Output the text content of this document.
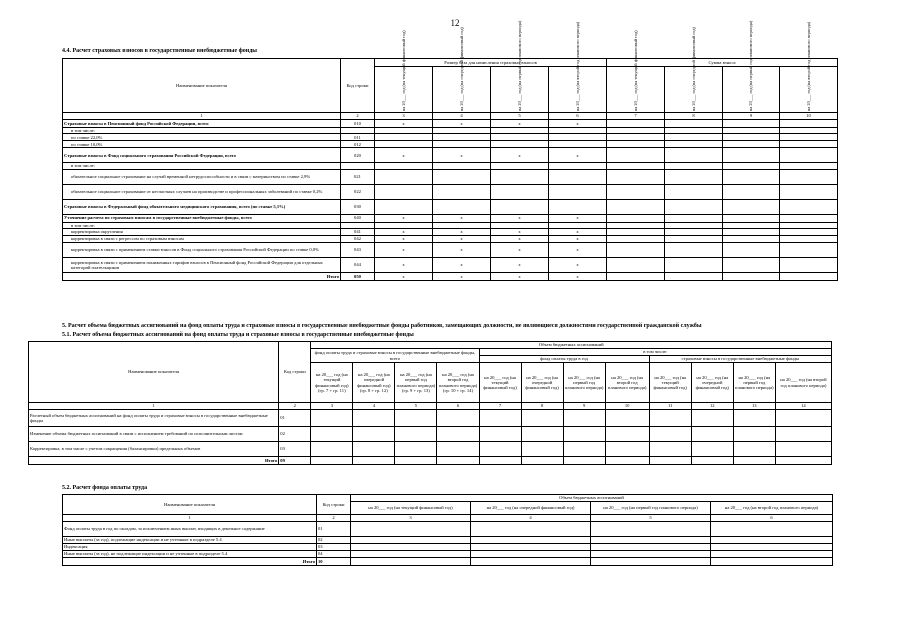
12
4.4. Расчет страховых взносов в государственные внебюджетные фонды
Наименование показателя	Код строки	Размер база для начисления страховых взносов				Сумма взноса			

		на 20___ год (на текущий финансовый год)	на 20___ год (на очередной финансовый год)	на 20___ год (на первый год планового периода)	на 20___ год (на второй год планового периода)	на 20___ год (на текущий финансовый год)	на 20___ год (на очередной финансовый год)	на 20___ год (на первый год планового периода)	на 20___ год (на второй год планового периода)

1	2	3	4	5	6	7	8	9	10
Страховые взносы в Пенсионный фонд Российской Федерации, всего	010	x	x	x	x				
в том числе:									
по ставке 22,0%	011								
по ставке 10,0%	012								
Страховые взносы в Фонд социального страхования Российской Федерации, всего	020	x	x	x	x				
в том числе:									
обязательное социальное страхование на случай временной нетрудоспособности и в связи с материнством по ставке 2,9%	021								
обязательное социальное страхование от несчастных случаев на производстве и профессиональных заболеваний по ставке 0,2%	022								
Страховые взносы в Федеральный фонд обязательного медицинского страхования, всего (по ставке 5,1%)	030								
Уточнение расчета по страховым взносам в государственные внебюджетные фонды, всего	040	x	x	x	x				
в том числе:									
корректировка округления	041	x	x	x	x				
корректировка в связи с регрессом по страховым взносам	042	x	x	x	x				
корректировка в связи с применением ставки взносов в Фонд социального страхования Российской Федерации по ставке 0,0%	043	x	x	x	x				
корректировка в связи с применением пониженных тарифов взносов в Пенсионный фонд Российской Федерации для отдельных категорий плательщиков	044	x	x	x	x				
Итого	050	x	x	x	x				
5. Расчет объема бюджетных ассигнований на фонд оплаты труда и страховые взносы в государственные внебюджетные фонды работников, замещающих должности, не являющиеся должностями государственной гражданской службы
5.1. Расчет объема бюджетных ассигнований на фонд оплаты труда и страховые взносы в государственные внебюджетные фонды
Наименование показателя	Код строки	Объем бюджетных ассигнований											
		фонд оплаты труда и страховые взносы в государственные внебюджетные фонды, всего				в том числе:							
						фонд оплаты труда в год				страховые взносы в государственные внебюджетные фонды			
		на 20___ год (на текущий финансовый год) (гр. 7 + гр. 11)	на 20___ год (на очередной финансовый год) (гр. 8 + гр. 12)	на 20___ год (на первый год планового периода) (гр. 9 + гр. 13)	на 20___ год (на второй год планового периода) (гр. 10 + гр. 14)	на 20___ год (на текущий финансовый год)	на 20___ год (на очередной финансовый год)	на 20___ год (на первый год планового периода)	на 20___ год (на второй год планового периода)	на 20___ год (на текущий финансовый год)	на 20___ год (на очередной финансовый год)	на 20___ год (на первый год планового периода)	на 20___ год (на второй год планового периода)

1	2	3	4	5	6	7	8	9	10	11	12	13	14
Расчетный объем бюджетных ассигнований на фонд оплаты труда и страховые взносы в государственные внебюджетные фонды	01												
Изменение объема бюджетных ассигнований в связи с исполнением требований по исполнительным листам	02												
Корректировка, в том числе с учетом сокращения (балансировки) предельных объемов	03												
Итого	09												
5.2. Расчет фонда оплаты труда
Наименование показателя	Код строки	Объем бюджетных ассигнований			
		на 20___ год (на текущий финансовый год)	на 20___ год (на очередной финансовый год)	на 20___ год (на первый год планового периода)	на 20___ год (на второй год планового периода)
1	2	3	4	5	6
Фонд оплаты труда в год по окладам, за исключением иных выплат, входящих в денежное содержание	01				
Иные выплаты (за год), подлежащие индексации и не учтенные в подразделе 5.4	02				
Индексация	03				
Иные выплаты (за год), не подлежащие индексации и не учтенные в подразделе 5.4	04				
Итого	10				
